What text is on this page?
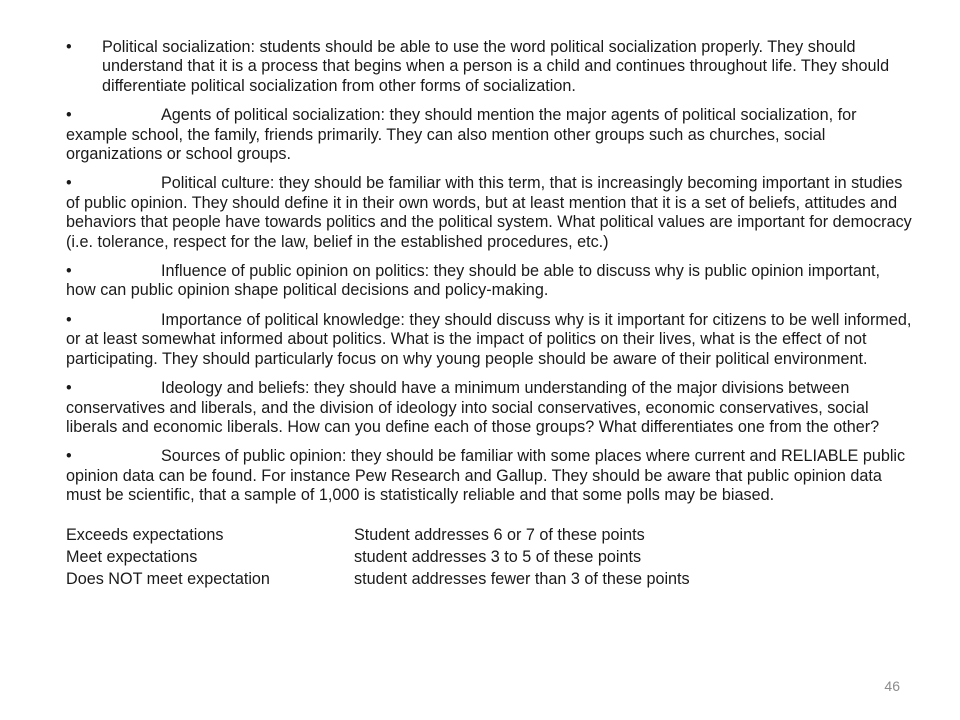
• Political socialization: students should be able to use the word political socialization properly. They should understand that it is a process that begins when a person is a child and continues throughout life. They should differentiate political socialization from other forms of socialization.
•	Agents of political socialization: they should mention the major agents of political socialization, for example school, the family, friends primarily. They can also mention other groups such as churches, social organizations or school groups.
•	Political culture: they should be familiar with this term, that is increasingly becoming important in studies of public opinion. They should define it in their own words, but at least mention that it is a set of beliefs, attitudes and behaviors that people have towards politics and the political system. What political values are important for democracy (i.e. tolerance, respect for the law, belief in the established procedures, etc.)
•	Influence of public opinion on politics: they should be able to discuss why is public opinion important, how can public opinion shape political decisions and policy-making.
•	Importance of political knowledge: they should discuss why is it important for citizens to be well informed, or at least somewhat informed about politics. What is the impact of politics on their lives, what is the effect of not participating. They should particularly focus on why young people should be aware of their political environment.
•	Ideology and beliefs: they should have a minimum understanding of the major divisions between conservatives and liberals, and the division of ideology into social conservatives, economic conservatives, social liberals and economic liberals. How can you define each of those groups? What differentiates one from the other?
•	Sources of public opinion: they should be familiar with some places where current and RELIABLE public opinion data can be found. For instance Pew Research and Gallup. They should be aware that public opinion data must be scientific, that a sample of 1,000 is statistically reliable and that some polls may be biased.
Exceeds expectations	Student addresses 6 or 7 of these points
Meet expectations	student addresses 3 to 5 of these points
Does NOT meet expectation	student addresses fewer than 3 of these points
46
